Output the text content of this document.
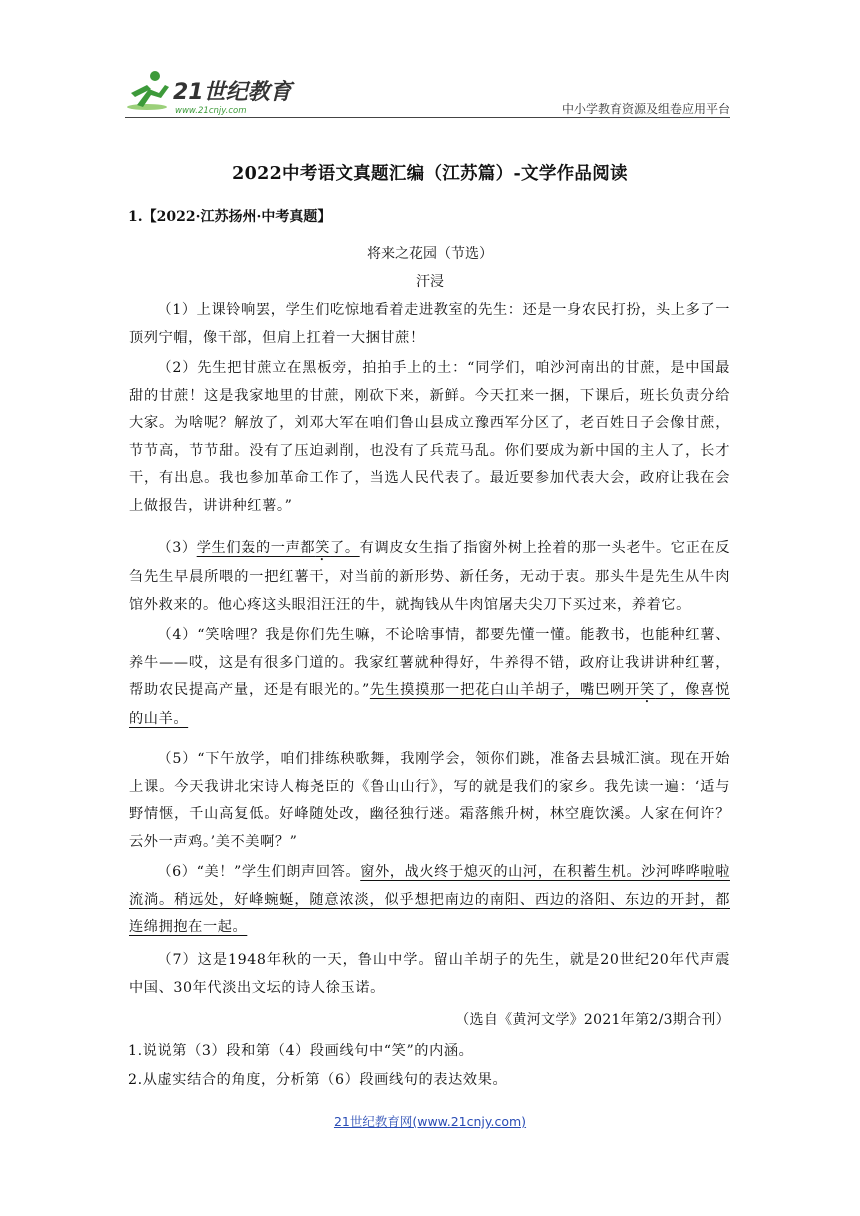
21世纪教育
www.21cnjy.com	中小学教育资源及组卷应用平台
2022中考语文真题汇编（江苏篇）-文学作品阅读
1.【2022·江苏扬州·中考真题】
将来之花园（节选）
汗浸

（1）上课铃响罢，学生们吃惊地看着走进教室的先生：还是一身农民打扮，头上多了一顶列宁帽，像干部，但肩上扛着一大捆甘蔗！

（2）先生把甘蔗立在黑板旁，拍拍手上的土：“同学们，咱沙河南出的甘蔗，是中国最甜的甘蔗！这是我家地里的甘蔗，刚砍下来，新鲜。今天扛来一捆，下课后，班长负责分给大家。为啥呢？解放了，刘邓大军在咱们鲁山县成立豫西军分区了，老百姓日子会像甘蔗，节节高，节节甜。没有了压迫剥削，也没有了兵荒马乱。你们要成为新中国的主人了，长才干，有出息。我也参加革命工作了，当选人民代表了。最近要参加代表大会，政府让我在会上做报告，讲讲种红薯。”

（3）学生们轰的一声都笑了。有调皮女生指了指窗外树上拴着的那一头老牛。它正在反刍先生早晨所喂的一把红薯干，对当前的新形势、新任务，无动于衷。那头牛是先生从牛肉馆外救来的。他心疼这头眼泪汪汪的牛，就掏钱从牛肉馆屠夫尖刀下买过来，养着它。

（4）“笑啥哩？我是你们先生嘛，不论啥事情，都要先懂一懂。能教书，也能种红薯、养牛——哎，这是有很多门道的。我家红薯就种得好，牛养得不错，政府让我讲讲种红薯，帮助农民提高产量，还是有眼光的。”先生摸摸那一把花白山羊胡子，嘴巴咧开笑了，像喜悦的山羊。

（5）“下午放学，咱们排练秧歌舞，我刚学会，领你们跳，准备去县城汇演。现在开始上课。今天我讲北宋诗人梅尧臣的《鲁山山行》，写的就是我们的家乡。我先读一遍：‘适与野情惬，千山高复低。好峰随处改，幽径独行迷。霜落熊升树，林空鹿饮溪。人家在何许？云外一声鸡。’美不美啊？”

（6）“美！”学生们朗声回答。窗外，战火终于熄灭的山河，在积蓄生机。沙河哗哗啦啦流淌。稍远处，好峰蜿蜒，随意浓淡，似乎想把南边的南阳、西边的洛阳、东边的开封，都连绵拥抱在一起。

（7）这是1948年秋的一天，鲁山中学。留山羊胡子的先生，就是20世纪20年代声震中国、30年代淡出文坛的诗人徐玉诺。

（选自《黄河文学》2021年第2/3期合刊）
1.说说第（3）段和第（4）段画线句中“笑”的内涵。
2.从虚实结合的角度，分析第（6）段画线句的表达效果。
21世纪教育网(www.21cnjy.com)
